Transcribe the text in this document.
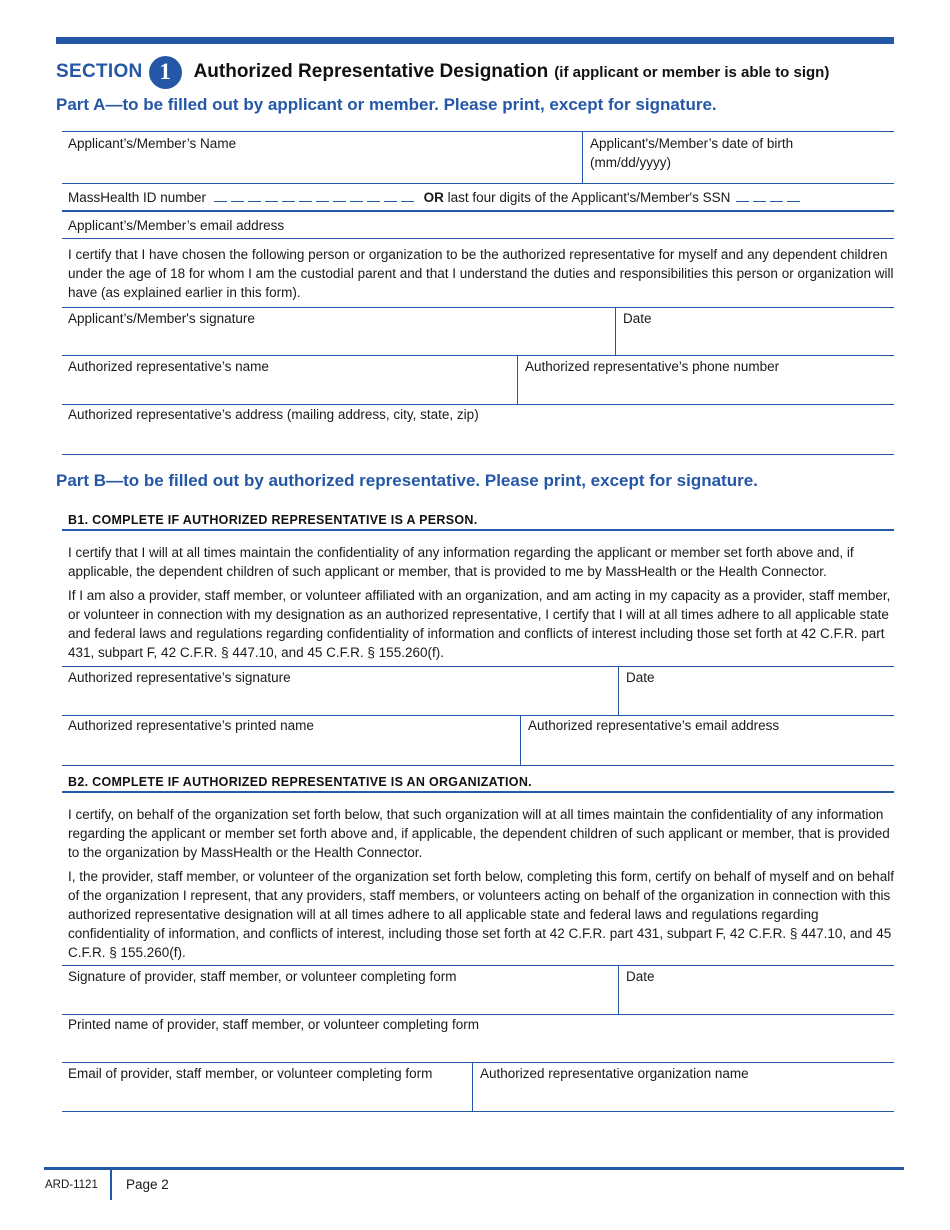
SECTION 1	Authorized Representative Designation (if applicant or member is able to sign)
Part A—to be filled out by applicant or member. Please print, except for signature.
Applicant’s/Member’s Name	Applicant's/Member’s date of birth
(mm/dd/yyyy)
MassHealth ID number	OR last four digits of the Applicant's/Member's SSN
Applicant’s/Member’s email address
I certify that I have chosen the following person or organization to be the authorized representative for myself and any dependent children under the age of 18 for whom I am the custodial parent and that I understand the duties and responsibilities this person or organization will have (as explained earlier in this form).
Applicant’s/Member's signature	Date
Authorized representative’s name	Authorized representative’s phone number
Authorized representative’s address (mailing address, city, state, zip)
Part B—to be filled out by authorized representative. Please print, except for signature.
B1. COMPLETE IF AUTHORIZED REPRESENTATIVE IS A PERSON.

I certify that I will at all times maintain the confidentiality of any information regarding the applicant or member set forth above and, if applicable, the dependent children of such applicant or member, that is provided to me by MassHealth or the Health Connector.

If I am also a provider, staff member, or volunteer affiliated with an organization, and am acting in my capacity as a provider, staff member, or volunteer in connection with my designation as an authorized representative, I certify that I will at all times adhere to all applicable state and federal laws and regulations regarding confidentiality of information and conflicts of interest including those set forth at 42 C.F.R. part 431, subpart F, 42 C.F.R. § 447.10, and 45 C.F.R. § 155.260(f).

Authorized representative’s signature	Date
Authorized representative’s printed name	Authorized representative’s email address
B2. COMPLETE IF AUTHORIZED REPRESENTATIVE IS AN ORGANIZATION.

I certify, on behalf of the organization set forth below, that such organization will at all times maintain the confidentiality of any information regarding the applicant or member set forth above and, if applicable, the dependent children of such applicant or member, that is provided to the organization by MassHealth or the Health Connector.

I, the provider, staff member, or volunteer of the organization set forth below, completing this form, certify on behalf of myself and on behalf of the organization I represent, that any providers, staff members, or volunteers acting on behalf of the organization in connection with this authorized representative designation will at all times adhere to all applicable state and federal laws and regulations regarding confidentiality of information, and conflicts of interest, including those set forth at 42 C.F.R. part 431, subpart F, 42 C.F.R. § 447.10, and 45 C.F.R. § 155.260(f).

Signature of provider, staff member, or volunteer completing form	Date
Printed name of provider, staff member, or volunteer completing form
Email of provider, staff member, or volunteer completing form	Authorized representative organization name
ARD-1121 Page 2
